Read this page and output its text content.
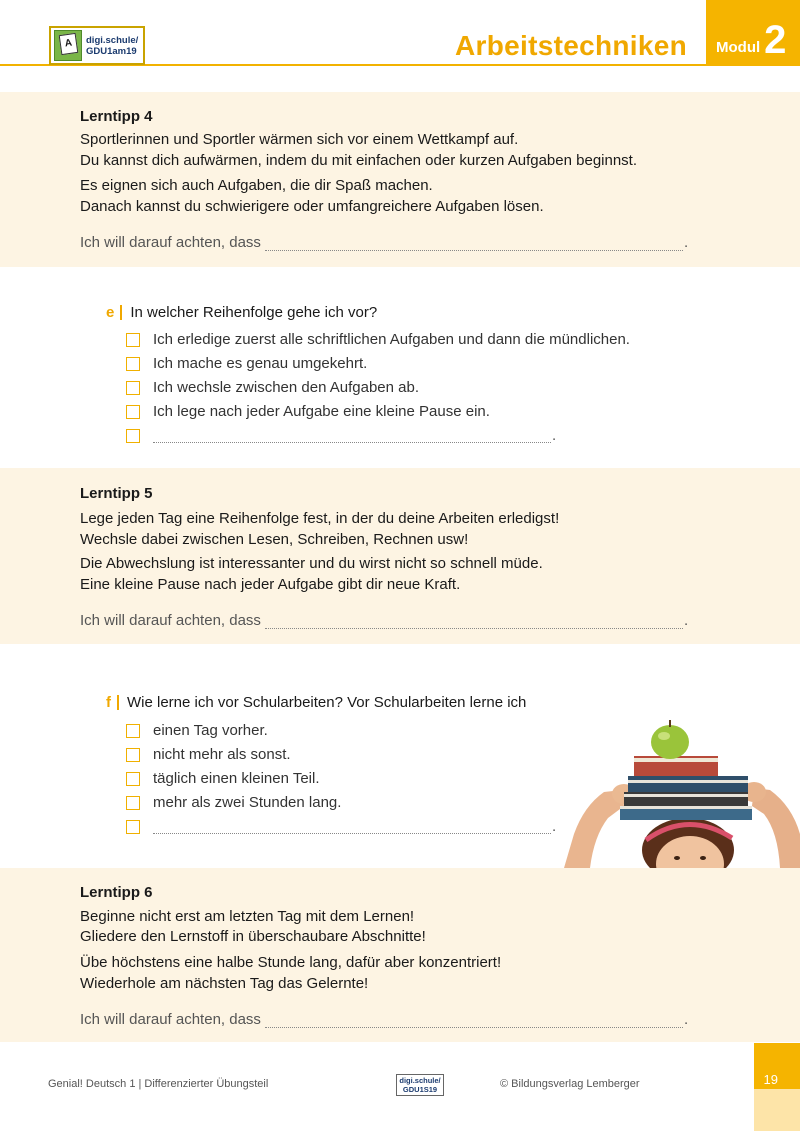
A	digi.schule/
GDU1am19	Arbeitstechniken Modul 2
Lerntipp 4
Sportlerinnen und Sportler wärmen sich vor einem Wettkampf auf.
Du kannst dich aufwärmen, indem du mit einfachen oder kurzen Aufgaben beginnst.
Es eignen sich auch Aufgaben, die dir Spaß machen.
Danach kannst du schwierigere oder umfangreichere Aufgaben lösen.
Ich will darauf achten, dass	.
e In welcher Reihenfolge gehe ich vor?
Ich erledige zuerst alle schriftlichen Aufgaben und dann die mündlichen.
Ich mache es genau umgekehrt.
Ich wechsle zwischen den Aufgaben ab.
Ich lege nach jeder Aufgabe eine kleine Pause ein.
.
Lerntipp 5
Lege jeden Tag eine Reihenfolge fest, in der du deine Arbeiten erledigst!
Wechsle dabei zwischen Lesen, Schreiben, Rechnen usw!
Die Abwechslung ist interessanter und du wirst nicht so schnell müde.
Eine kleine Pause nach jeder Aufgabe gibt dir neue Kraft.
Ich will darauf achten, dass	.
f Wie lerne ich vor Schularbeiten? Vor Schularbeiten lerne ich
einen Tag vorher.
nicht mehr als sonst.
täglich einen kleinen Teil.
mehr als zwei Stunden lang.
.
Lerntipp 6
Beginne nicht erst am letzten Tag mit dem Lernen!
Gliedere den Lernstoff in überschaubare Abschnitte!
Übe höchstens eine halbe Stunde lang, dafür aber konzentriert!
Wiederhole am nächsten Tag das Gelernte!
Ich will darauf achten, dass	.
Genial! Deutsch 1 | Differenzierter Übungsteil	digi.schule/
GDU1S19	© Bildungsverlag Lemberger	19
